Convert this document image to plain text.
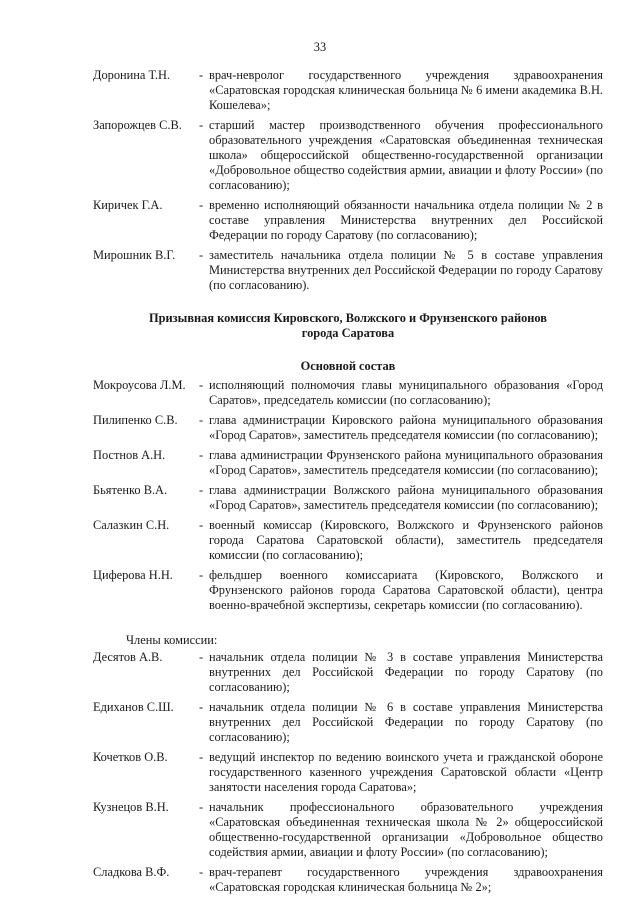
33
Доронина Т.Н.	- врач-невролог государственного учреждения здравоохранения «Саратовская городская клиническая больница № 6 имени академика В.Н. Кошелева»;
Запорожцев С.В.	- старший мастер производственного обучения профессионального образовательного учреждения «Саратовская объединенная техническая школа» общероссийской общественно-государственной организации «Добровольное общество содействия армии, авиации и флоту России» (по согласованию);
Киричек Г.А.	- временно исполняющий обязанности начальника отдела полиции № 2 в составе управления Министерства внутренних дел Российской Федерации по городу Саратову (по согласованию);
Мирошник В.Г.	- заместитель начальника отдела полиции № 5 в составе управления Министерства внутренних дел Российской Федерации по городу Саратову (по согласованию).
Призывная комиссия Кировского, Волжского и Фрунзенского районов
города Саратова
Основной состав
Мокроусова Л.М.	- исполняющий полномочия главы муниципального образования «Город Саратов», председатель комиссии (по согласованию);
Пилипенко С.В.	- глава администрации Кировского района муниципального образования «Город Саратов», заместитель председателя комиссии (по согласованию);
Постнов А.Н.	- глава администрации Фрунзенского района муниципального образования «Город Саратов», заместитель председателя комиссии (по согласованию);
Бьятенко В.А.	- глава администрации Волжского района муниципального образования «Город Саратов», заместитель председателя комиссии (по согласованию);
Салазкин С.Н.	- военный комиссар (Кировского, Волжского и Фрунзенского районов города Саратова Саратовской области), заместитель председателя комиссии (по согласованию);
Циферова Н.Н.	- фельдшер военного комиссариата (Кировского, Волжского и Фрунзенского районов города Саратова Саратовской области), центра военно-врачебной экспертизы, секретарь комиссии (по согласованию).
Члены комиссии:
Десятов А.В.	- начальник отдела полиции № 3 в составе управления Министерства внутренних дел Российской Федерации по городу Саратову (по согласованию);
Едиханов С.Ш.	- начальник отдела полиции № 6 в составе управления Министерства внутренних дел Российской Федерации по городу Саратову (по согласованию);
Кочетков О.В.	- ведущий инспектор по ведению воинского учета и гражданской обороне государственного казенного учреждения Саратовской области «Центр занятости населения города Саратова»;
Кузнецов В.Н.	- начальник профессионального образовательного учреждения «Саратовская объединенная техническая школа № 2» общероссийской общественно-государственной организации «Добровольное общество содействия армии, авиации и флоту России» (по согласованию);
Сладкова В.Ф.	- врач-терапевт государственного учреждения здравоохранения «Саратовская городская клиническая больница № 2»;
